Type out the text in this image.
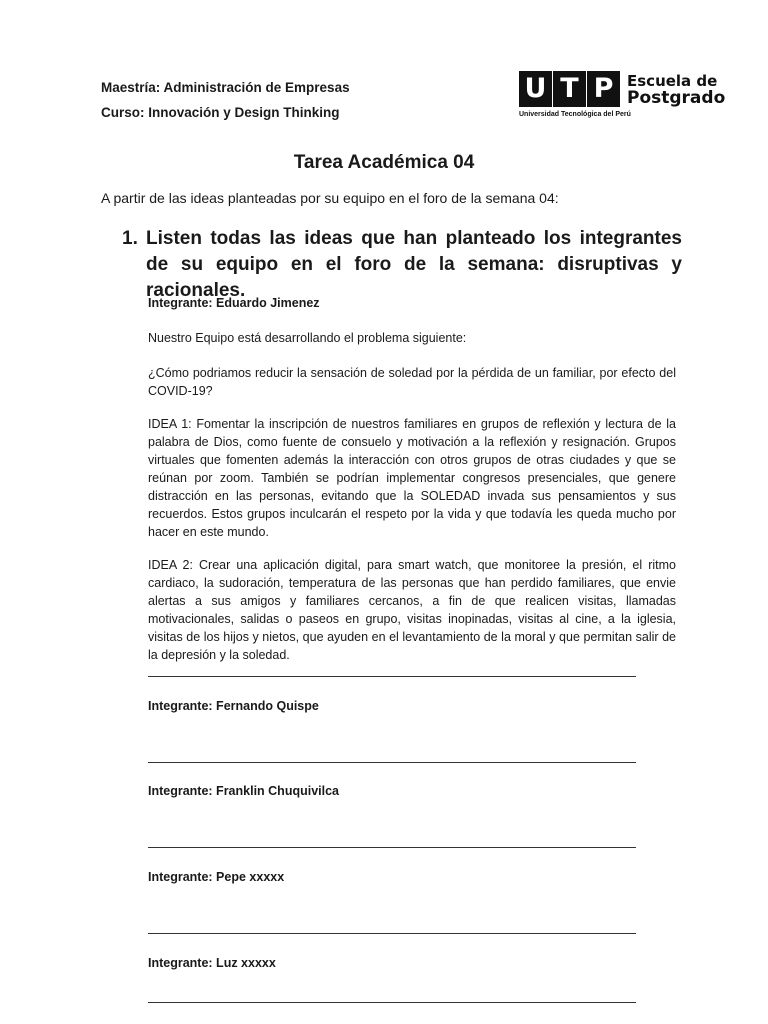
Maestría: Administración de Empresas
Curso: Innovación y Design Thinking
U T P Escuela de
Postgrado
Universidad Tecnológica del Perú
Tarea Académica 04
A partir de las ideas planteadas por su equipo en el foro de la semana 04:
1. Listen todas las ideas que han planteado los integrantes de su equipo en el foro de la semana: disruptivas y racionales.
Integrante: Eduardo Jimenez
Nuestro Equipo está desarrollando el problema siguiente:
¿Cómo podriamos reducir la sensación de soledad por la pérdida de un familiar, por efecto del COVID-19?
IDEA 1: Fomentar la inscripción de nuestros familiares en grupos de reflexión y lectura de la palabra de Dios, como fuente de consuelo y motivación a la reflexión y resignación. Grupos virtuales que fomenten además la interacción con otros grupos de otras ciudades y que se reúnan por zoom. También se podrían implementar congresos presenciales, que genere distracción en las personas, evitando que la SOLEDAD invada sus pensamientos y sus recuerdos. Estos grupos inculcarán el respeto por la vida y que todavía les queda mucho por hacer en este mundo.
IDEA 2: Crear una aplicación digital, para smart watch, que monitoree la presión, el ritmo cardiaco, la sudoración, temperatura de las personas que han perdido familiares, que envie alertas a sus amigos y familiares cercanos, a fin de que realicen visitas, llamadas motivacionales, salidas o paseos en grupo, visitas inopinadas, visitas al cine, a la iglesia, visitas de los hijos y nietos, que ayuden en el levantamiento de la moral y que permitan salir de la depresión y la soledad.
Integrante: Fernando Quispe
Integrante: Franklin Chuquivilca
Integrante: Pepe xxxxx
Integrante: Luz xxxxx
